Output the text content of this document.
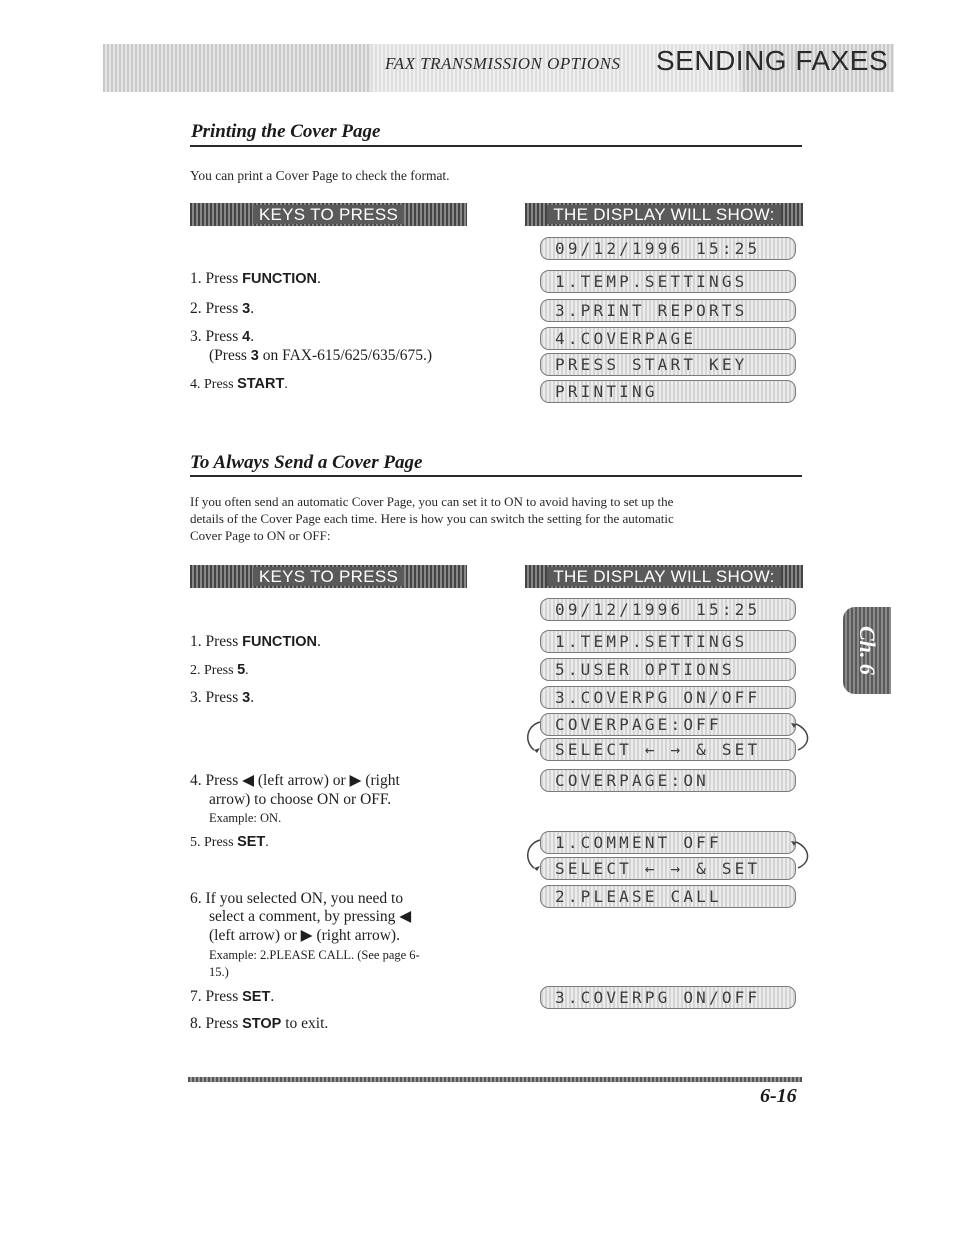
FAX TRANSMISSION OPTIONS SENDING FAXES
Printing the Cover Page
You can print a Cover Page to check the format.
KEYS TO PRESS	THE DISPLAY WILL SHOW:
1. Press FUNCTION.
2. Press 3.
3. Press 4.
(Press 3 on FAX-615/625/635/675.)
4. Press START.
09/12/1996 15:25
1.TEMP.SETTINGS
3.PRINT REPORTS
4.COVERPAGE
PRESS START KEY
PRINTING
To Always Send a Cover Page
If you often send an automatic Cover Page, you can set it to ON to avoid having to set up the
details of the Cover Page each time. Here is how you can switch the setting for the automatic
Cover Page to ON or OFF:
KEYS TO PRESS	THE DISPLAY WILL SHOW:
1. Press FUNCTION.
2. Press 5.
3. Press 3.
4. Press ◀ (left arrow) or ▶ (right
arrow) to choose ON or OFF.
Example: ON.
5. Press SET.
6. If you selected ON, you need to
select a comment, by pressing ◀
(left arrow) or ▶ (right arrow).
Example: 2.PLEASE CALL. (See page 6-
15.)
7. Press SET.
8. Press STOP to exit.
09/12/1996 15:25
1.TEMP.SETTINGS
5.USER OPTIONS
3.COVERPG ON/OFF
COVERPAGE:OFF
SELECT ← → & SET
COVERPAGE:ON
1.COMMENT OFF
SELECT ← → & SET
2.PLEASE CALL
3.COVERPG ON/OFF
Ch. 6
6-16
